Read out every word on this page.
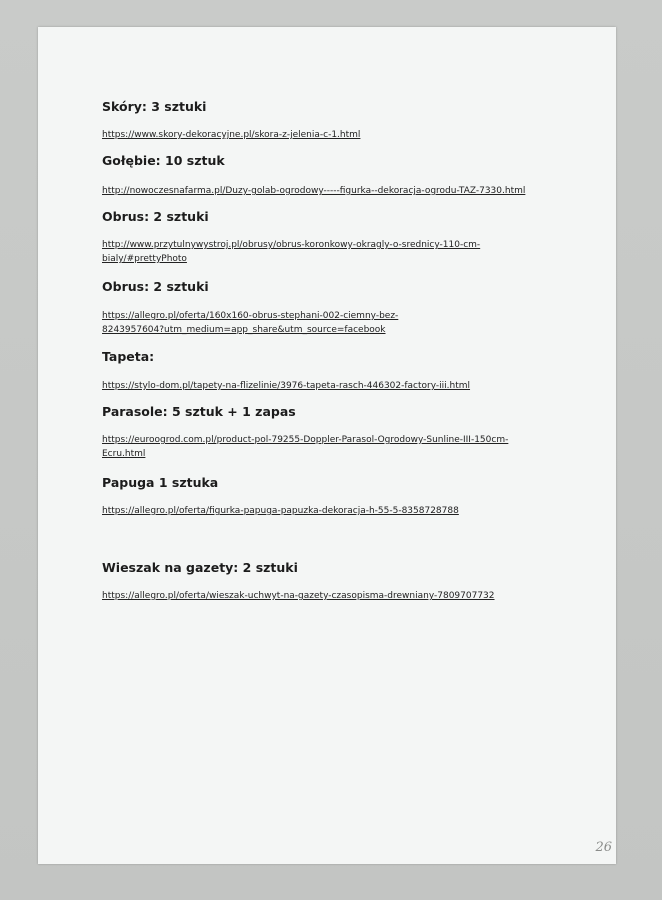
Skóry: 3 sztuki
https://www.skory-dekoracyjne.pl/skora-z-jelenia-c-1.html
Gołębie: 10 sztuk
http://nowoczesnafarma.pl/Duzy-golab-ogrodowy-----figurka--dekoracja-ogrodu-TAZ-7330.html
Obrus: 2 sztuki
http://www.przytulnywystroj.pl/obrusy/obrus-koronkowy-okragly-o-srednicy-110-cm-
bialy/#prettyPhoto
Obrus: 2 sztuki
https://allegro.pl/oferta/160x160-obrus-stephani-002-ciemny-bez-
8243957604?utm_medium=app_share&utm_source=facebook
Tapeta:
https://stylo-dom.pl/tapety-na-flizelinie/3976-tapeta-rasch-446302-factory-iii.html
Parasole: 5 sztuk + 1 zapas
https://euroogrod.com.pl/product-pol-79255-Doppler-Parasol-Ogrodowy-Sunline-III-150cm-
Ecru.html
Papuga 1 sztuka
https://allegro.pl/oferta/figurka-papuga-papuzka-dekoracja-h-55-5-8358728788
Wieszak na gazety: 2 sztuki
https://allegro.pl/oferta/wieszak-uchwyt-na-gazety-czasopisma-drewniany-7809707732
26
